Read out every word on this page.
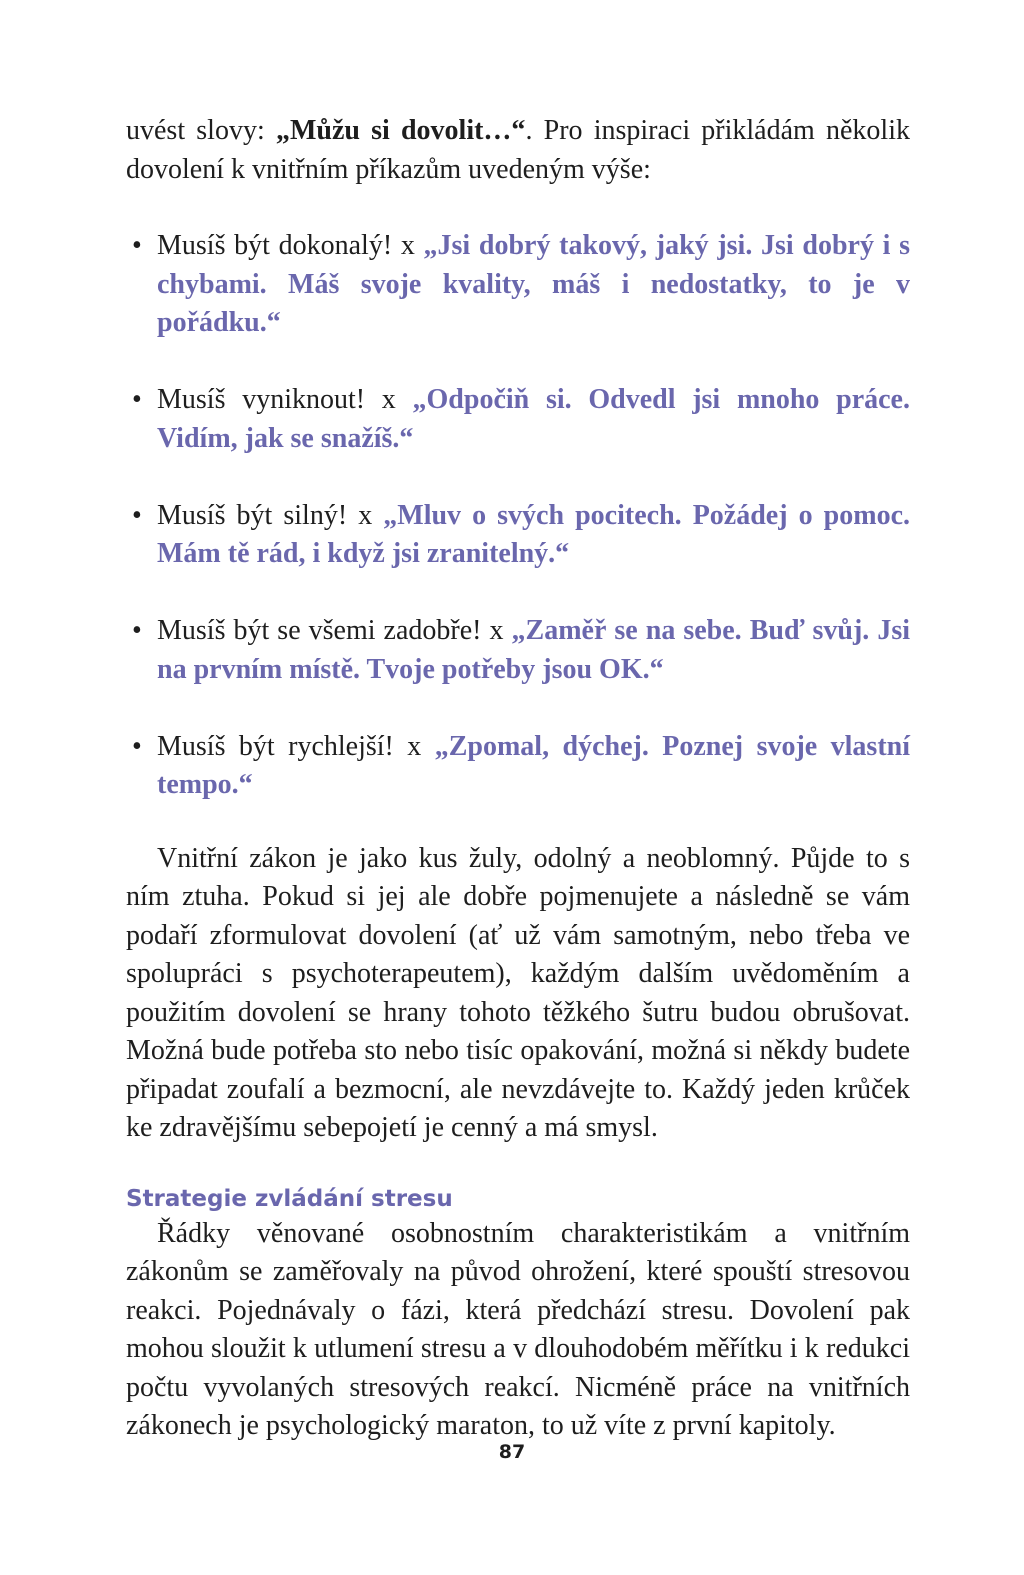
uvést slovy: „Můžu si dovolit…“. Pro inspiraci přikládám několik dovolení k vnitřním příkazům uvedeným výše:

• Musíš být dokonalý! x „Jsi dobrý takový, jaký jsi. Jsi dobrý i s chybami. Máš svoje kvality, máš i nedostatky, to je v pořádku.“
• Musíš vyniknout! x „Odpočiň si. Odvedl jsi mnoho práce. Vidím, jak se snažíš.“
• Musíš být silný! x „Mluv o svých pocitech. Požádej o pomoc. Mám tě rád, i když jsi zranitelný.“
• Musíš být se všemi zadobře! x „Zaměř se na sebe. Buď svůj. Jsi na prvním místě. Tvoje potřeby jsou OK.“
• Musíš být rychlejší! x „Zpomal, dýchej. Poznej svoje vlastní tempo.“

Vnitřní zákon je jako kus žuly, odolný a neoblomný. Půjde to s ním ztuha. Pokud si jej ale dobře pojmenujete a následně se vám podaří zformulovat dovolení (ať už vám samotným, nebo třeba ve spolupráci s psychoterapeutem), každým dalším uvědoměním a použitím dovolení se hrany tohoto těžkého šutru budou obrušovat. Možná bude potřeba sto nebo tisíc opakování, možná si někdy budete připadat zoufalí a bezmocní, ale nevzdávejte to. Každý jeden krůček ke zdravějšímu sebepojetí je cenný a má smysl.

Strategie zvládání stresu

Řádky věnované osobnostním charakteristikám a vnitřním zákonům se zaměřovaly na původ ohrožení, které spouští stresovou reakci. Pojednávaly o fázi, která předchází stresu. Dovolení pak mohou sloužit k utlumení stresu a v dlouhodobém měřítku i k redukci počtu vyvolaných stresových reakcí. Nicméně práce na vnitřních zákonech je psychologický maraton, to už víte z první kapitoly.

87
